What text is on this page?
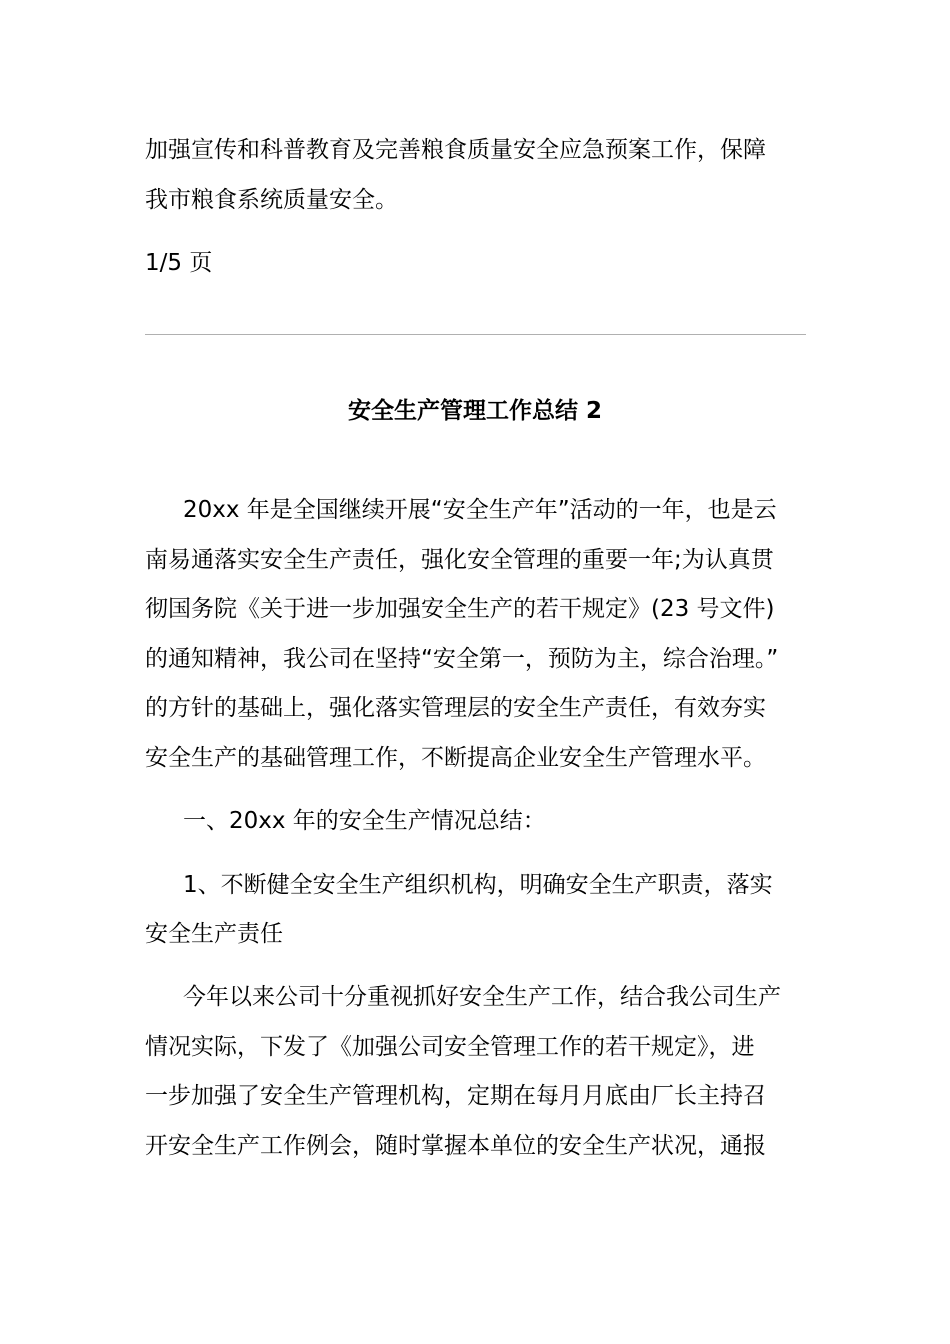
加强宣传和科普教育及完善粮食质量安全应急预案工作，保障
我市粮食系统质量安全。
1/5 页
安全生产管理工作总结 2
20xx 年是全国继续开展“安全生产年”活动的一年，也是云
南易通落实安全生产责任，强化安全管理的重要一年;为认真贯
彻国务院《关于进一步加强安全生产的若干规定》(23 号文件)
的通知精神，我公司在坚持“安全第一，预防为主，综合治理。”
的方针的基础上，强化落实管理层的安全生产责任，有效夯实
安全生产的基础管理工作，不断提高企业安全生产管理水平。
一、20xx 年的安全生产情况总结：
1、不断健全安全生产组织机构，明确安全生产职责，落实
安全生产责任
今年以来公司十分重视抓好安全生产工作，结合我公司生产
情况实际，下发了《加强公司安全管理工作的若干规定》，进
一步加强了安全生产管理机构，定期在每月月底由厂长主持召
开安全生产工作例会，随时掌握本单位的安全生产状况，通报
